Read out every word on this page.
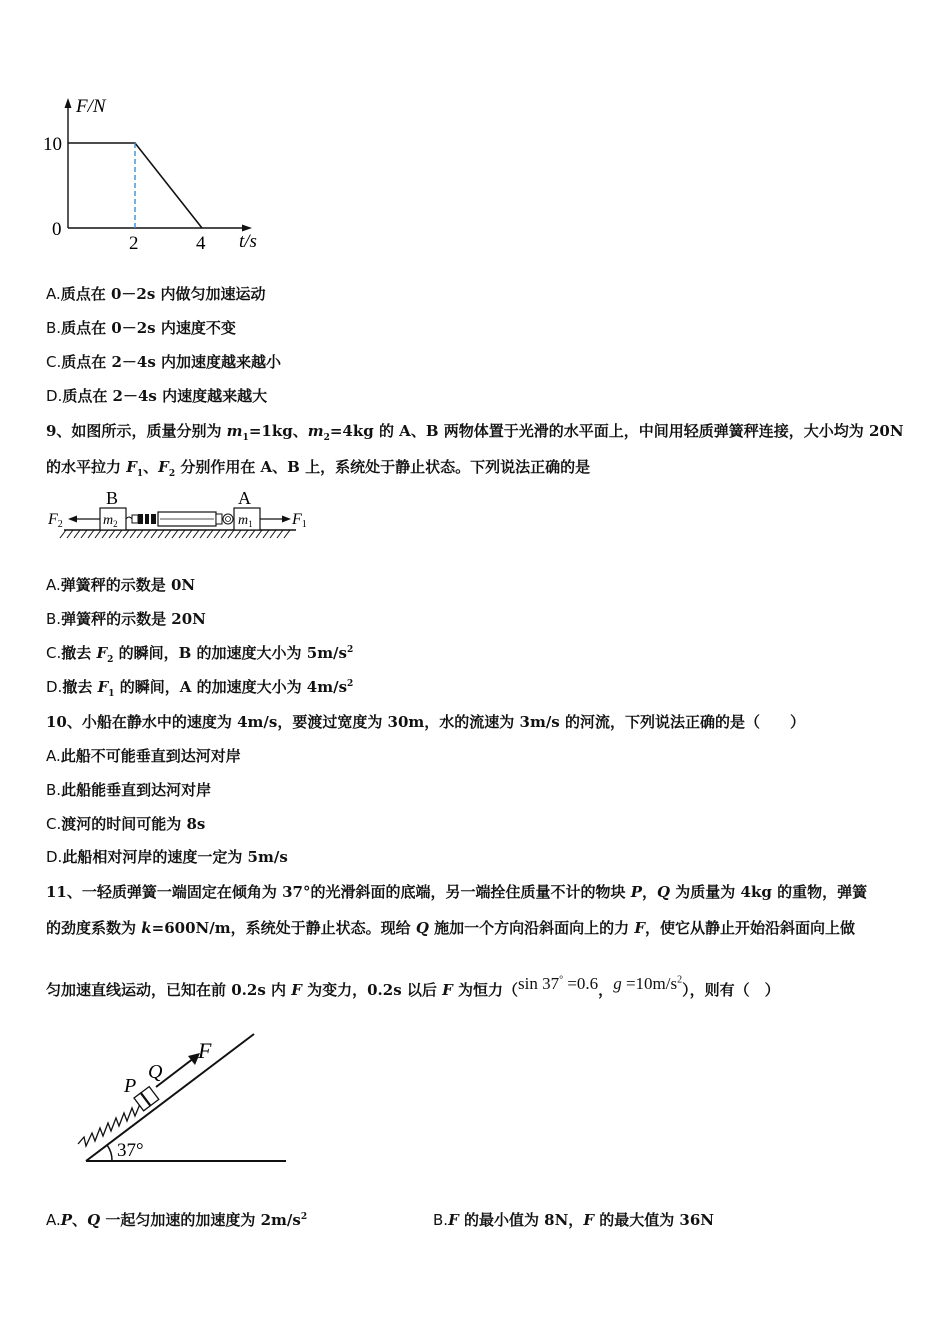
F/N
10
0
2	4 t/s
A.质点在 0－2s 内做匀加速运动
B.质点在 0－2s 内速度不变
C.质点在 2－4s 内加速度越来越小
D.质点在 2－4s 内速度越来越大
9、如图所示，质量分别为 $m_1=1kg$、$m_2=4kg$ 的 A、B 两物体置于光滑的水平面上，中间用轻质弹簧秤连接，大小均为 20N
的水平拉力 $F_1$、$F_2$ 分别作用在 A、B 上，系统处于静止状态。下列说法正确的是
$m_2$
B
$m_1$
A
F2	F1
A.弹簧秤的示数是 0N
B.弹簧秤的示数是 20N
C.撤去 $F_2$ 的瞬间，B 的加速度大小为 $5m/s^2$
D.撤去 $F_1$ 的瞬间，A 的加速度大小为 $4m/s^2$
10、小船在静水中的速度为 4m/s，要渡过宽度为 30m，水的流速为 3m/s 的河流，下列说法正确的是（　　）
A.此船不可能垂直到达河对岸
B.此船能垂直到达河对岸
C.渡河的时间可能为 8s
D.此船相对河岸的速度一定为 5m/s
11、一轻质弹簧一端固定在倾角为 37°的光滑斜面的底端，另一端拴住质量不计的物块 P，Q 为质量为 4kg 的重物，弹簧
的劲度系数为 k=600N/m，系统处于静止状态。现给 Q 施加一个方向沿斜面向上的力 F，使它从静止开始沿斜面向上做
匀加速直线运动，已知在前 0.2s 内 F 为变力，0.2s 以后 F 为恒力（sin 37° =0.6，$g =10m/s^2$），则有（　）
37°
P
Q
F
A.P、Q 一起匀加速的加速度为 $2m/s^2$	B.F 的最小值为 8N，F 的最大值为 36N
